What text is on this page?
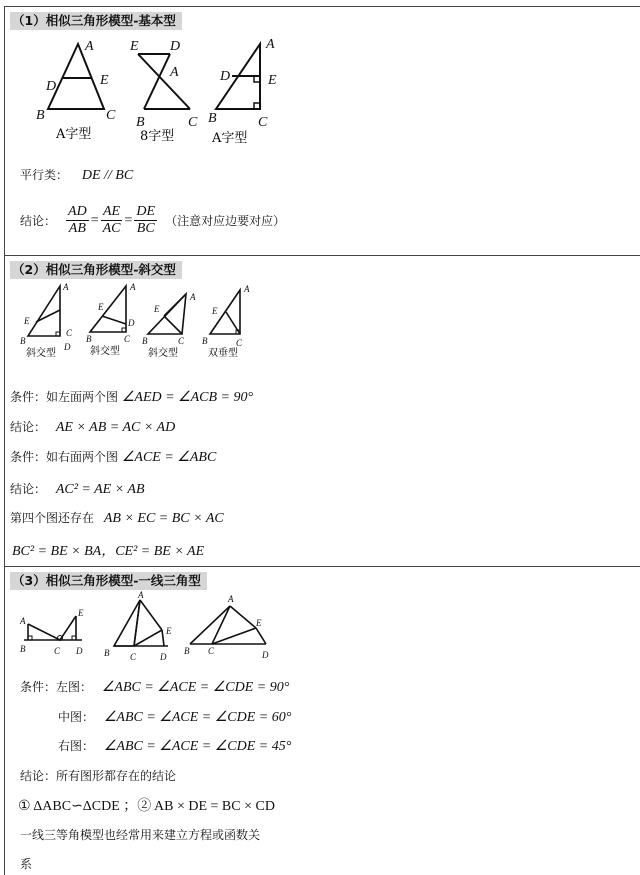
（1）相似三角形模型-基本型
A
D	E
B	C
E D
A
B	C
A
D	E
B	C
A字型	8字型	A字型
平行类： DE // BC
结论： $\frac{AD}{AB} = \frac{AE}{AC} = \frac{DE}{BC}$ （注意对应边要对应）
（2）相似三角形模型-斜交型
A
E
C
B
D
A
E
D
B	C
A
E
B	C
A
E
B	C
斜交型	斜交型	斜交型	双垂型
条件：如左面两个图 ∠AED = ∠ACB = 90°
结论： AE × AB = AC × AD
条件：如右面两个图 ∠ACE = ∠ABC
结论： AC² = AE × AB
第四个图还存在 AB × EC = BC × AC
BC² = BE × BA，CE² = BE × AE
（3）相似三角形模型-一线三角型
A
E
B	C D
A
E
B C	D
A
E
B C	D
条件：左图： ∠ABC = ∠ACE = ∠CDE = 90°
中图： ∠ABC = ∠ACE = ∠CDE = 60°
右图： ∠ABC = ∠ACE = ∠CDE = 45°
结论：所有图形都存在的结论
① ΔABC∽ΔCDE ；② AB × DE = BC × CD
一线三等角模型也经常用来建立方程或函数关
系
